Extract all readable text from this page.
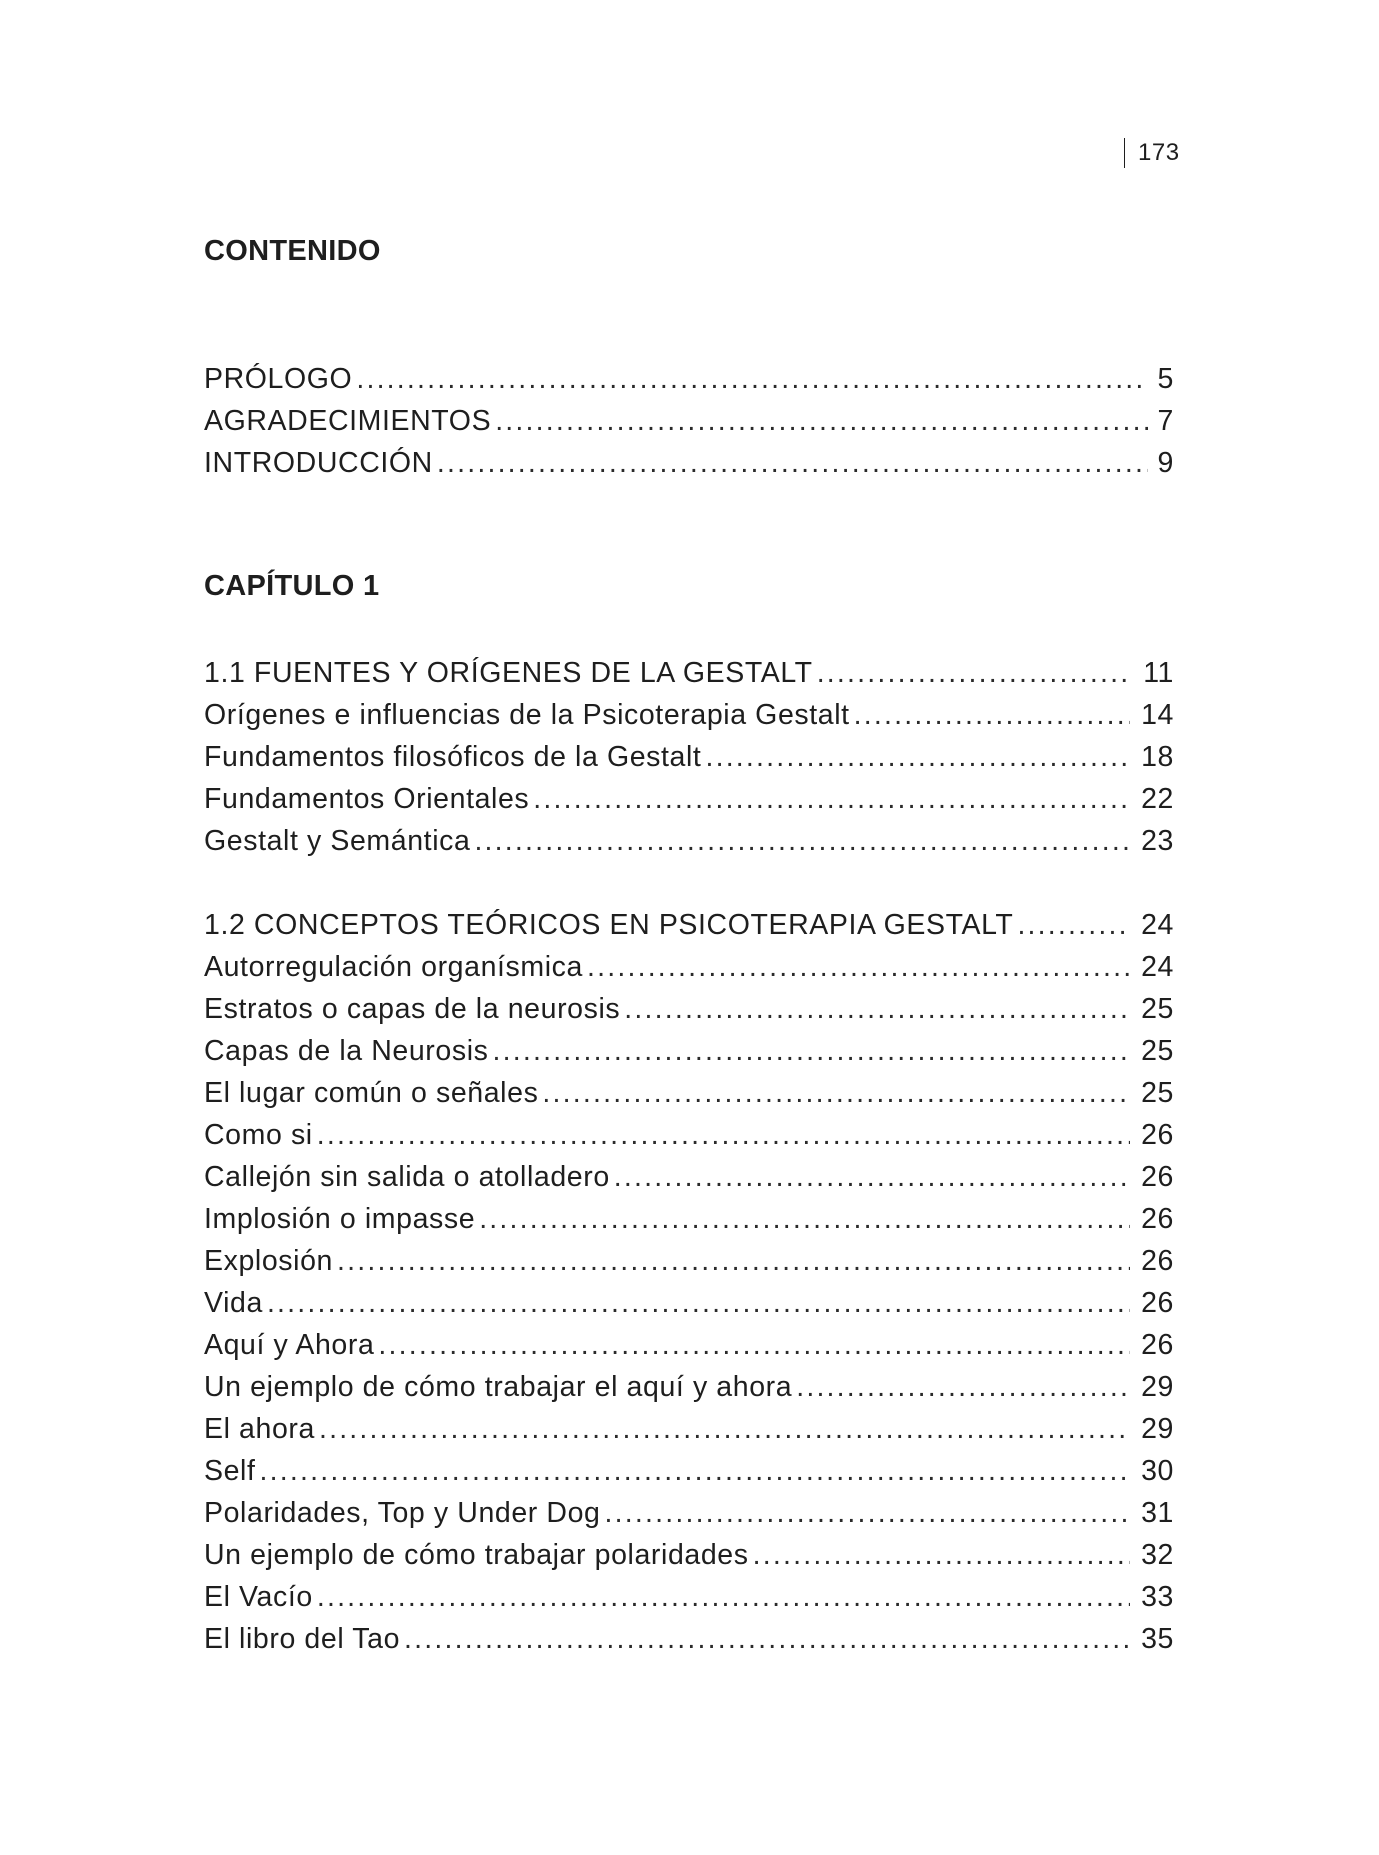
173
CONTENIDO
PRÓLOGO .....	5
AGRADECIMIENTOS .....	7
INTRODUCCIÓN .....	9
CAPÍTULO 1
1.1 FUENTES Y ORÍGENES DE LA GESTALT .....	11
Orígenes e influencias de la Psicoterapia Gestalt .....	14
Fundamentos filosóficos de la Gestalt .....	18
Fundamentos Orientales .....	22
Gestalt y Semántica .....	23
1.2 CONCEPTOS TEÓRICOS EN PSICOTERAPIA GESTALT .....	24
Autorregulación organísmica .....	24
Estratos o capas de la neurosis .....	25
Capas de la Neurosis .....	25
El lugar común o señales .....	25
Como si .....	26
Callejón sin salida o atolladero .....	26
Implosión o impasse .....	26
Explosión .....	26
Vida .....	26
Aquí y Ahora .....	26
Un ejemplo de cómo trabajar el aquí y ahora .....	29
El ahora .....	29
Self .....	30
Polaridades, Top y Under Dog .....	31
Un ejemplo de cómo trabajar polaridades .....	32
El Vacío .....	33
El libro del Tao .....	35
